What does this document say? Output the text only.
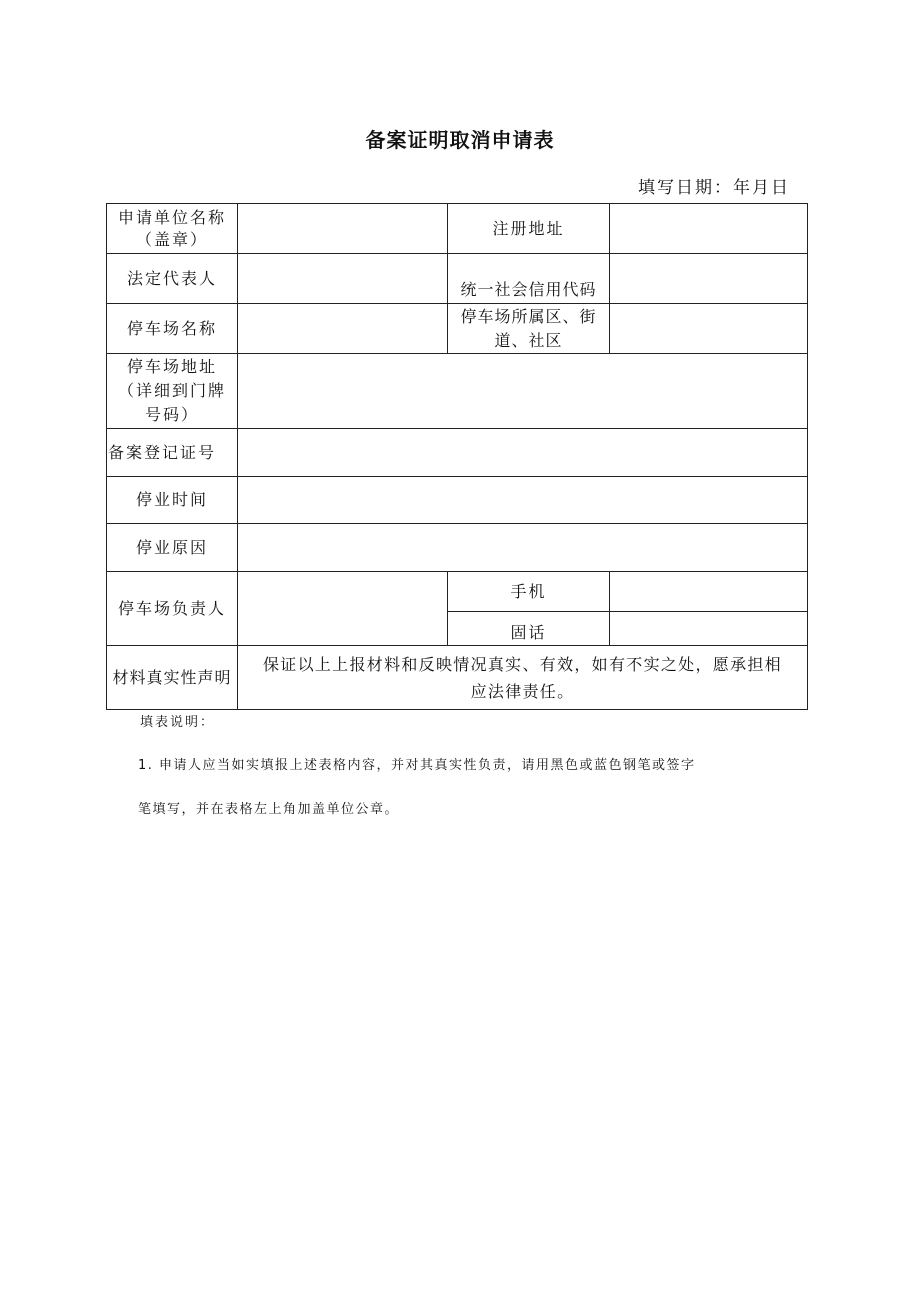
备案证明取消申请表
填写日期：年月日
申请单位名称
（盖章）
注册地址
法定代表人
统一社会信用代码
停车场名称
停车场所属区、街
道、社区
停车场地址
（详细到门牌
号码）
备案登记证号
停业时间
停业原因
停车场负责人
手机
固话
材料真实性声明
保证以上上报材料和反映情况真实、有效，如有不实之处，愿承担相
应法律责任。
填表说明：
1. 申请人应当如实填报上述表格内容，并对其真实性负责，请用黑色或蓝色钢笔或签字
笔填写，并在表格左上角加盖单位公章。
